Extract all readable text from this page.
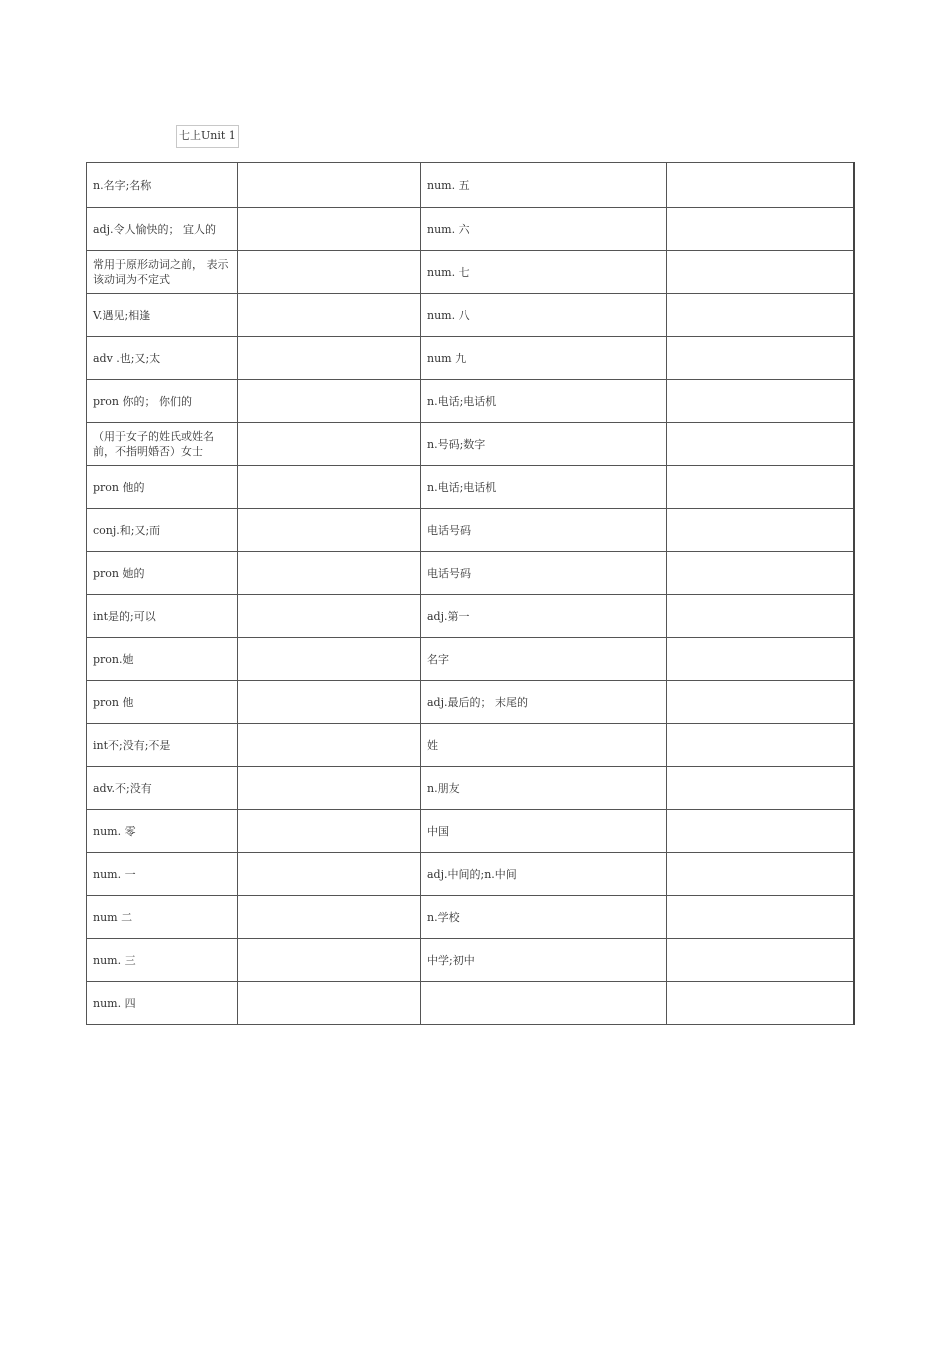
七上Unit 1
n.名字;名称		num. 五	
adj.令人愉快的； 宜人的		num. 六	
常用于原形动词之前， 表示该动词为不定式		num. 七	
V.遇见;相逢		num. 八	
adv .也;又;太		num 九	
pron 你的； 你们的		n.电话;电话机	
（用于女子的姓氏或姓名前，不指明婚否）女士		n.号码;数字	
pron 他的		n.电话;电话机	
conj.和;又;而		电话号码	
pron 她的		电话号码	
int是的;可以		adj.第一	
pron.她		名字	
pron 他		adj.最后的； 末尾的	
int不;没有;不是		姓	
adv.不;没有		n.朋友	
num. 零		中国	
num. 一		adj.中间的;n.中间	
num 二		n.学校	
num. 三		中学;初中	
num. 四			
